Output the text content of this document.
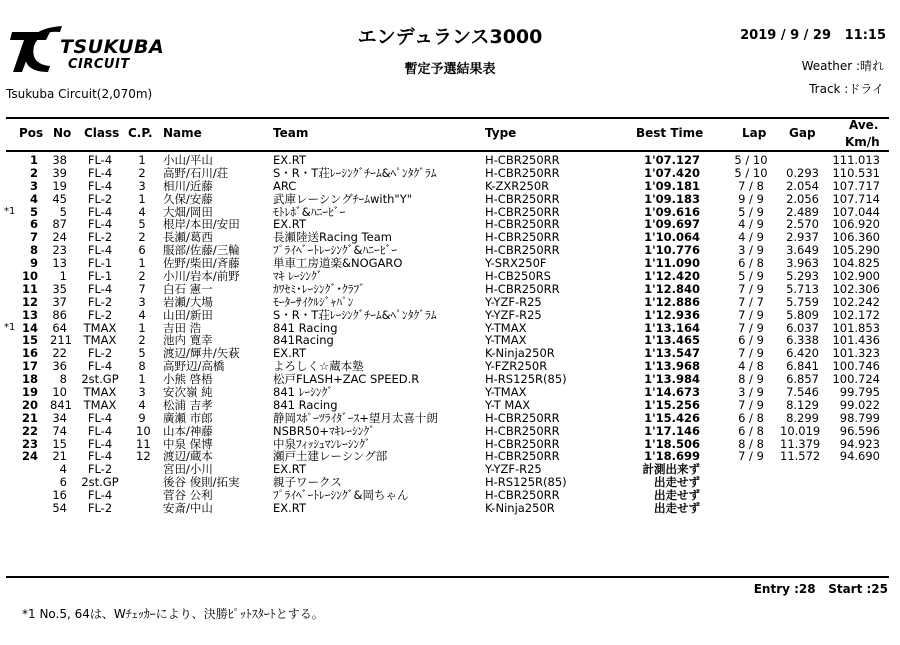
TSUKUBA
CIRCUIT
Tsukuba Circuit(2,070m)
エンデュランス3000
暫定予選結果表
2019 / 9 / 29 11:15
Weather :晴れ
Track :ドライ
Pos No Class C.P. Name	Team	Type	Best Time	Lap Gap
Ave.
Km/h
1 38	FL-4	1 小山/平山	EX.RT	H-CBR250RR	1'07.127	5 / 10	111.013
2 39	FL-4	2 高野/石川/荘	S・R・T荘ﾚｰｼﾝｸﾞﾁｰﾑ&ﾍﾟﾝﾀｸﾞﾗﾑ	H-CBR250RR	1'07.420	5 / 10	0.293	110.531
3 19	FL-4	3 相川/近藤	ARC	K-ZXR250R	1'09.181	7 / 8	2.054	107.717
4 45	FL-2	1 久保/安藤	武庫レーシングﾁｰﾑwith"Y"	H-CBR250RR	1'09.183	9 / 9	2.056	107.714
*1	5	5	FL-4	4 大畑/岡田	ﾓﾄﾚﾎﾞ&ﾊﾆｰﾋﾞｰ	H-CBR250RR	1'09.616	5 / 9	2.489	107.044
6 87	FL-4	5 根岸/本田/安田	EX.RT	H-CBR250RR	1'09.697	4 / 9	2.570	106.920
7 24	FL-2	2 長瀬/葛西	長瀬陸送Racing Team	H-CBR250RR	1'10.064	4 / 9	2.937	106.360
8 23	FL-4	6 服部/佐藤/三輪	ﾌﾟﾗｲﾍﾞｰﾄﾚｰｼﾝｸﾞ&ﾊﾆｰﾋﾞｰ	H-CBR250RR	1'10.776	3 / 9	3.649	105.290
9 13	FL-1	1 佐野/柴田/斉藤	単車工房道楽&NOGARO	Y-SRX250F	1'11.090	6 / 8	3.963	104.825
10	1	FL-1	2 小川/岩本/前野	ﾏｷ ﾚｰｼﾝｸﾞ	H-CB250RS	1'12.420	5 / 9	5.293	102.900
11 35	FL-4	7 白石 憲一	ｶﾜｾﾐ･ﾚｰｼﾝｸﾞ･ｸﾗﾌﾞ	H-CBR250RR	1'12.840	7 / 9	5.713	102.306
12 37	FL-2	3 岩瀬/大場	ﾓｰﾀｰｻｲｸﾙｼﾞｬﾊﾟﾝ	Y-YZF-R25	1'12.886	7 / 7	5.759	102.242
13 86	FL-2	4 山田/新田	S・R・T荘ﾚｰｼﾝｸﾞﾁｰﾑ&ﾍﾟﾝﾀｸﾞﾗﾑ	Y-YZF-R25	1'12.936	7 / 9	5.809	102.172
*1 14 64	TMAX	1 吉田 浩	841 Racing	Y-TMAX	1'13.164	7 / 9	6.037	101.853
15 211	TMAX	2 池内 寛幸	841Racing	Y-TMAX	1'13.465	6 / 9	6.338	101.436
16 22	FL-2	5 渡辺/輝井/矢萩	EX.RT	K-Ninja250R	1'13.547	7 / 9	6.420	101.323
17 36	FL-4	8 高野辺/高橋	よろしく☆蔵本塾	Y-FZR250R	1'13.968	4 / 8	6.841	100.746
18	8	2st.GP	1 小熊 啓梧	松戸FLASH+ZAC SPEED.R	H-RS125R(85)	1'13.984	8 / 9	6.857	100.724
19 10	TMAX	3 安次嶺 純	841 ﾚｰｼﾝｸﾞ	Y-TMAX	1'14.673	3 / 9	7.546	99.795
20 841	TMAX	4 松浦 吉孝	841 Racing	Y-T MAX	1'15.256	7 / 9	8.129	99.022
21 34	FL-4	9 廣瀬 市郎	静岡ｽﾎﾟｰﾂﾗｲﾀﾞｰｽ+望月太喜十朗	H-CBR250RR	1'15.426	6 / 8	8.299	98.799
22 74	FL-4	10 山本/神藤	NSBR50+ﾏｷﾚｰｼﾝｸﾞ	H-CBR250RR	1'17.146	6 / 8	10.019	96.596
23 15	FL-4	11 中泉 保博	中泉ﾌｨｯｼｭﾏﾝﾚｰｼﾝｸﾞ	H-CBR250RR	1'18.506	8 / 8	11.379	94.923
24 21	FL-4	12 渡辺/蔵本	瀬戸土建レーシング部	H-CBR250RR	1'18.699	7 / 9	11.572	94.690
4	FL-2	宮田/小川	EX.RT	Y-YZF-R25	計測出来ず
6	2st.GP	後谷 俊則/拓実	親子ワークス	H-RS125R(85)	出走せず
16	FL-4	菅谷 公利	ﾌﾟﾗｲﾍﾞｰﾄﾚｰｼﾝｸﾞ&岡ちゃん	H-CBR250RR	出走せず
54	FL-2	安斎/中山	EX.RT	K-Ninja250R	出走せず
Entry :28 Start :25
*1 No.5, 64は、Wﾁｪｯｶｰにより、決勝ﾋﾟｯﾄｽﾀｰﾄとする。
